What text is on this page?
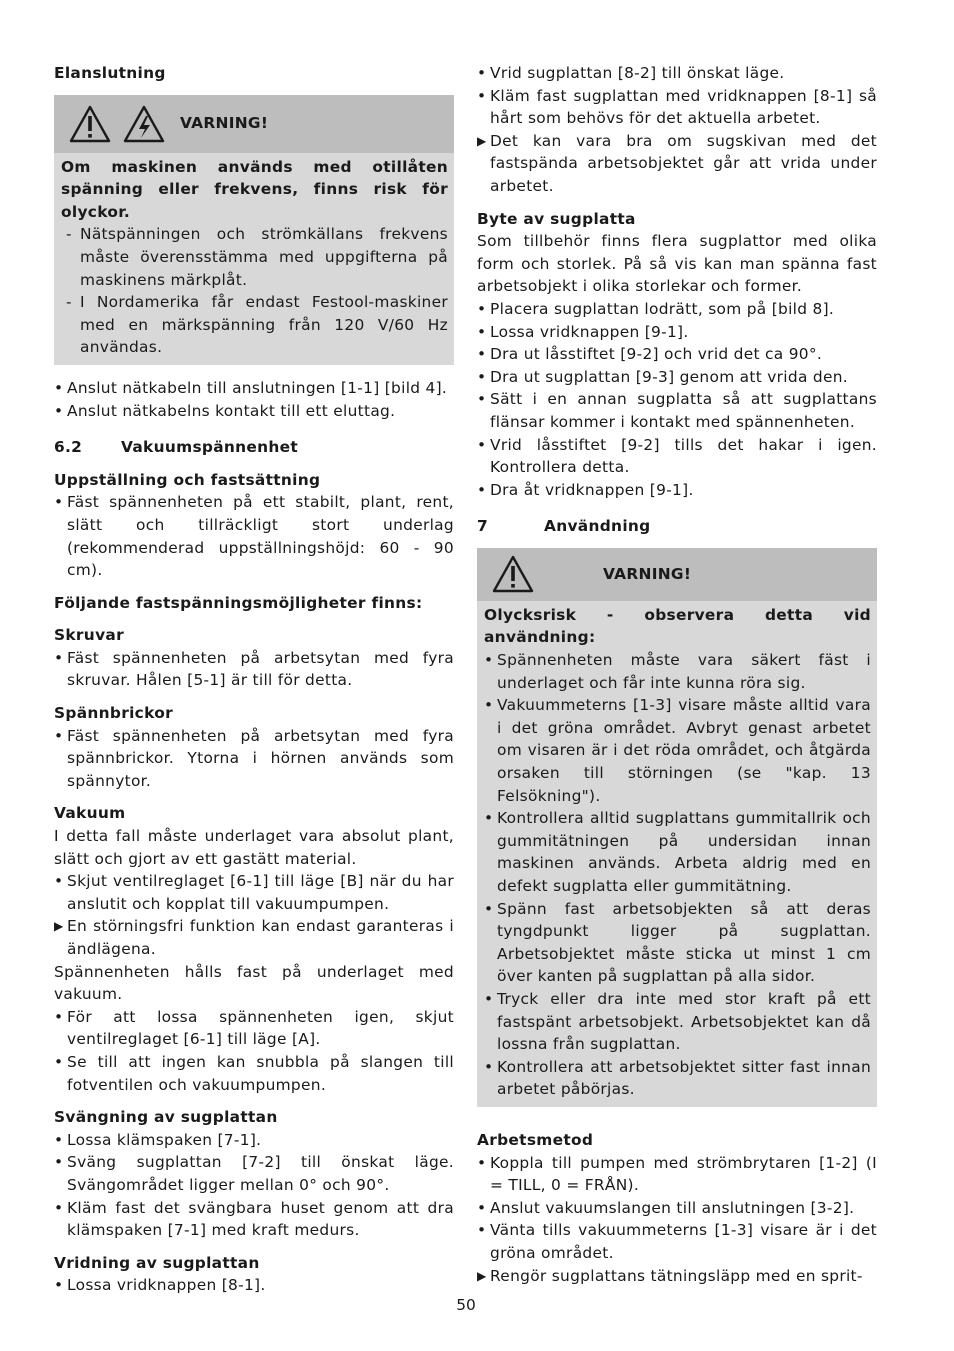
Elanslutning

VARNING!

Om maskinen används med otillåten spänning eller frekvens, finns risk för olyckor.

- Nätspänningen och strömkällans frekvens måste överensstämma med uppgifterna på maskinens märkplåt.
- I Nordamerika får endast Festool-maskiner med en märkspänning från 120 V/60 Hz användas.
• Anslut nätkabeln till anslutningen [1-1] [bild 4].
• Anslut nätkabelns kontakt till ett eluttag.
6.2	Vakuumspännenhet

Uppställning och fastsättning

• Fäst spännenheten på ett stabilt, plant, rent, slätt och tillräckligt stort underlag (rekommenderad uppställningshöjd: 60 - 90 cm).

Följande fastspänningsmöjligheter finns:

Skruvar

• Fäst spännenheten på arbetsytan med fyra skruvar. Hålen [5-1] är till för detta.

Spännbrickor

• Fäst spännenheten på arbetsytan med fyra spännbrickor. Ytorna i hörnen används som spännytor.

Vakuum

I detta fall måste underlaget vara absolut plant, slätt och gjort av ett gastätt material.

• Skjut ventilreglaget [6-1] till läge [B] när du har anslutit och kopplat till vakuumpumpen.
▶ En störningsfri funktion kan endast garanteras i ändlägena.

Spännenheten hålls fast på underlaget med vakuum.

• För att lossa spännenheten igen, skjut ventilreglaget [6-1] till läge [A].
• Se till att ingen kan snubbla på slangen till fotventilen och vakuumpumpen.

Svängning av sugplattan

• Lossa klämspaken [7-1].
• Sväng sugplattan [7-2] till önskat läge. Svängområdet ligger mellan 0° och 90°.
• Kläm fast det svängbara huset genom att dra klämspaken [7-1] med kraft medurs.

Vridning av sugplattan

• Lossa vridknappen [8-1].
• Vrid sugplattan [8-2] till önskat läge.
• Kläm fast sugplattan med vridknappen [8-1] så hårt som behövs för det aktuella arbetet.
▶ Det kan vara bra om sugskivan med det fastspända arbetsobjektet går att vrida under arbetet.

Byte av sugplatta

Som tillbehör finns flera sugplattor med olika form och storlek. På så vis kan man spänna fast arbetsobjekt i olika storlekar och former.

• Placera sugplattan lodrätt, som på [bild 8].
• Lossa vridknappen [9-1].
• Dra ut låsstiftet [9-2] och vrid det ca 90°.
• Dra ut sugplattan [9-3] genom att vrida den.
• Sätt i en annan sugplatta så att sugplattans flänsar kommer i kontakt med spännenheten.
• Vrid låsstiftet [9-2] tills det hakar i igen. Kontrollera detta.
• Dra åt vridknappen [9-1].
7	Användning
VARNING!

Olycksrisk - observera detta vid användning:

• Spännenheten måste vara säkert fäst i underlaget och får inte kunna röra sig.
• Vakuummeterns [1-3] visare måste alltid vara i det gröna området. Avbryt genast arbetet om visaren är i det röda området, och åtgärda orsaken till störningen (se "kap. 13 Felsökning").
• Kontrollera alltid sugplattans gummitallrik och gummitätningen på undersidan innan maskinen används. Arbeta aldrig med en defekt sugplatta eller gummitätning.
• Spänn fast arbetsobjekten så att deras tyngdpunkt ligger på sugplattan. Arbetsobjektet måste sticka ut minst 1 cm över kanten på sugplattan på alla sidor.
• Tryck eller dra inte med stor kraft på ett fastspänt arbetsobjekt. Arbetsobjektet kan då lossna från sugplattan.
• Kontrollera att arbetsobjektet sitter fast innan arbetet påbörjas.

Arbetsmetod

• Koppla till pumpen med strömbrytaren [1-2] (I = TILL, 0 = FRÅN).
• Anslut vakuumslangen till anslutningen [3-2].
• Vänta tills vakuummeterns [1-3] visare är i det gröna området.
▶ Rengör sugplattans tätningsläpp med en sprit-
50
